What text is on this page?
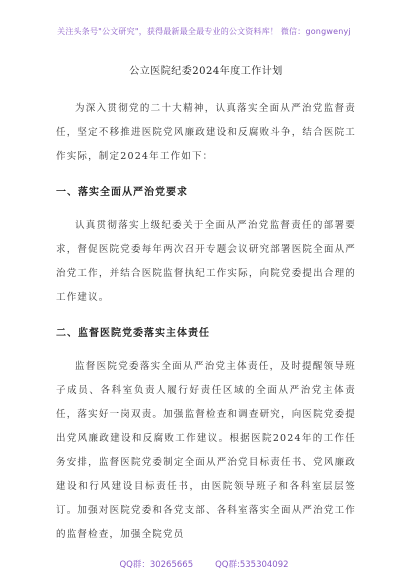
关注头条号"公文研究"，获得最新最全最专业的公文资料库！ 微信：gongwenyj
公立医院纪委2024年度工作计划

为深入贯彻党的二十大精神，认真落实全面从严治党监督责任，坚定不移推进医院党风廉政建设和反腐败斗争，结合医院工作实际，制定2024年工作如下：

一、落实全面从严治党要求

认真贯彻落实上级纪委关于全面从严治党监督责任的部署要求，督促医院党委每年两次召开专题会议研究部署医院全面从严治党工作，并结合医院监督执纪工作实际，向院党委提出合理的工作建议。

二、监督医院党委落实主体责任

监督医院党委落实全面从严治党主体责任，及时提醒领导班子成员、各科室负责人履行好责任区域的全面从严治党主体责任，落实好一岗双责。加强监督检查和调查研究，向医院党委提出党风廉政建设和反腐败工作建议。根据医院2024年的工作任务安排，监督医院党委制定全面从严治党目标责任书、党风廉政建设和行风建设目标责任书，由医院领导班子和各科室层层签订。加强对医院党委和各党支部、各科室落实全面从严治党工作的监督检查，加强全院党员

QQ群：30265665	QQ群:535304092
